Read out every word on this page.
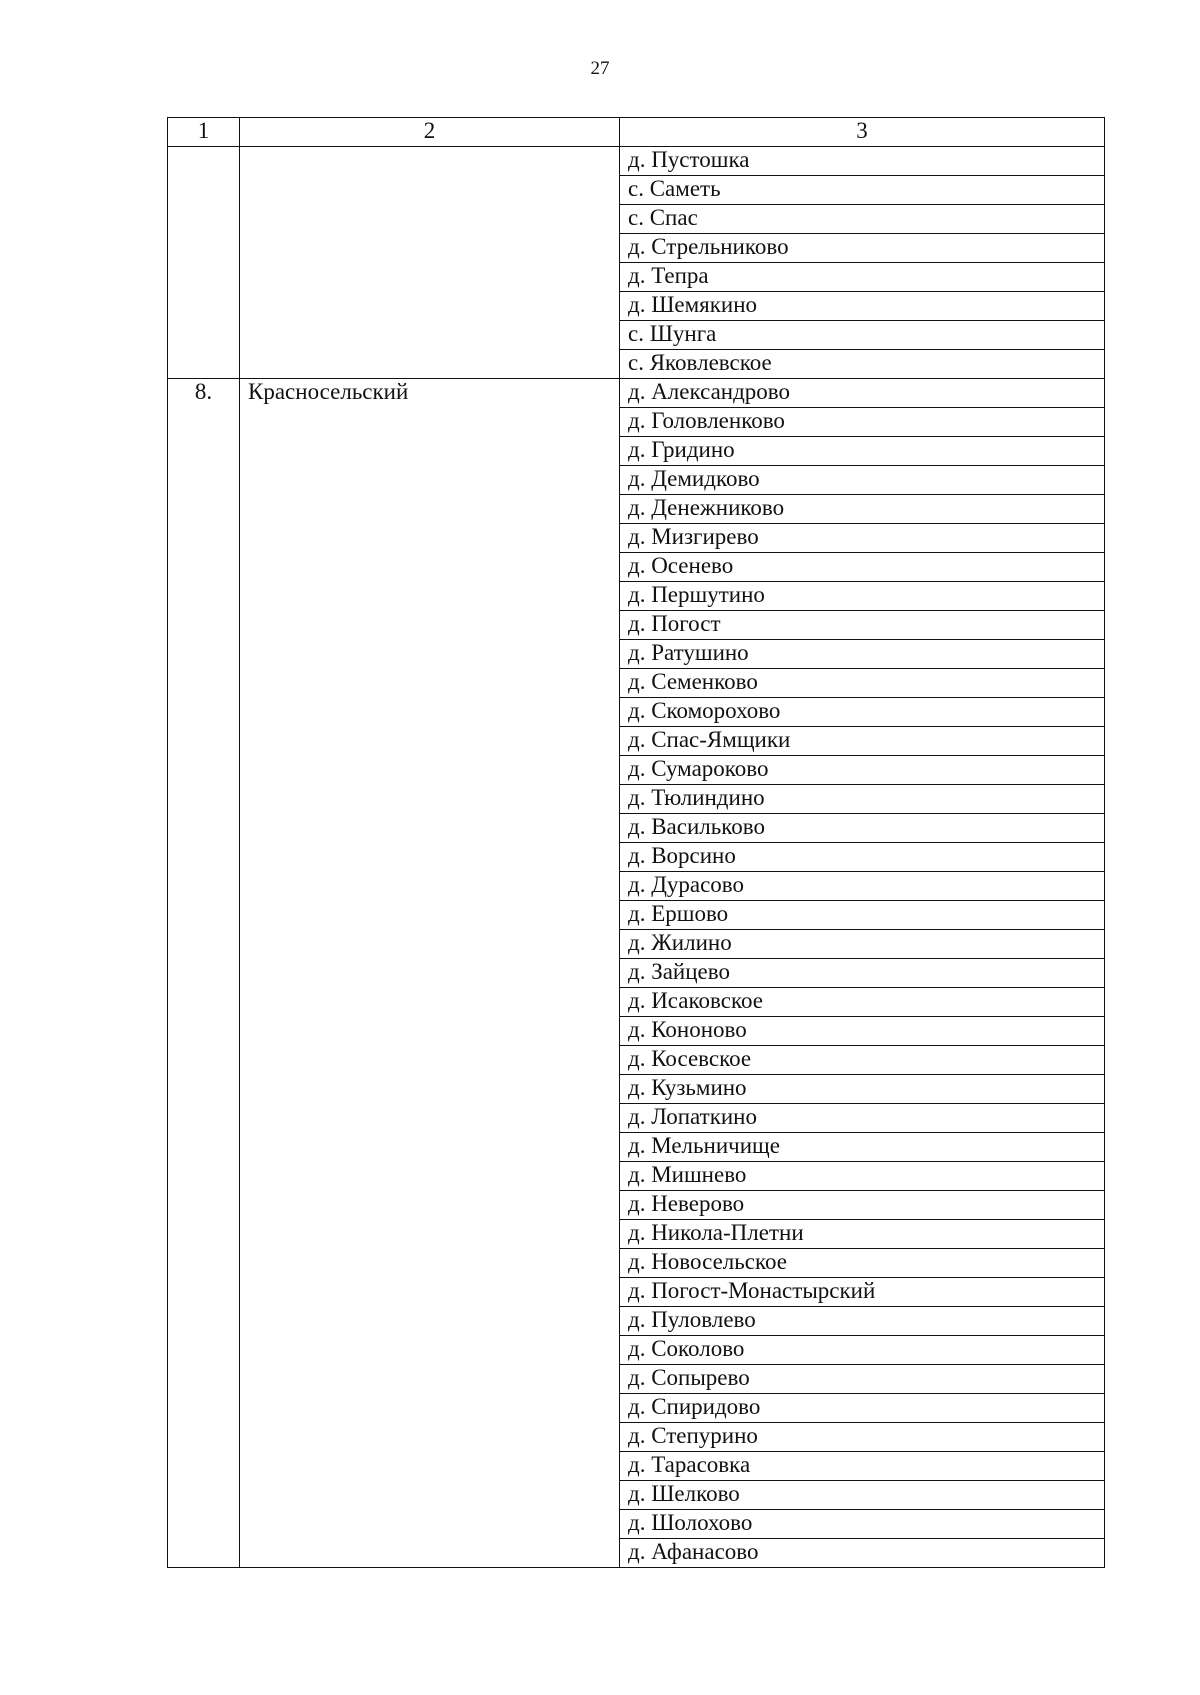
27
1	2	3
		д. Пустошка
		с. Саметь
		с. Спас
		д. Стрельниково
		д. Тепра
		д. Шемякино
		с. Шунга
		с. Яковлевское
8.	Красносельский	д. Александрово
		д. Головленково
		д. Гридино
		д. Демидково
		д. Денежниково
		д. Мизгирево
		д. Осенево
		д. Першутино
		д. Погост
		д. Ратушино
		д. Семенково
		д. Скоморохово
		д. Спас-Ямщики
		д. Сумароково
		д. Тюлиндино
		д. Васильково
		д. Ворсино
		д. Дурасово
		д. Ершово
		д. Жилино
		д. Зайцево
		д. Исаковское
		д. Кононово
		д. Косевское
		д. Кузьмино
		д. Лопаткино
		д. Мельничище
		д. Мишнево
		д. Неверово
		д. Никола-Плетни
		д. Новосельское
		д. Погост-Монастырский
		д. Пуловлево
		д. Соколово
		д. Сопырево
		д. Спиридово
		д. Степурино
		д. Тарасовка
		д. Шелково
		д. Шолохово
		д. Афанасово
